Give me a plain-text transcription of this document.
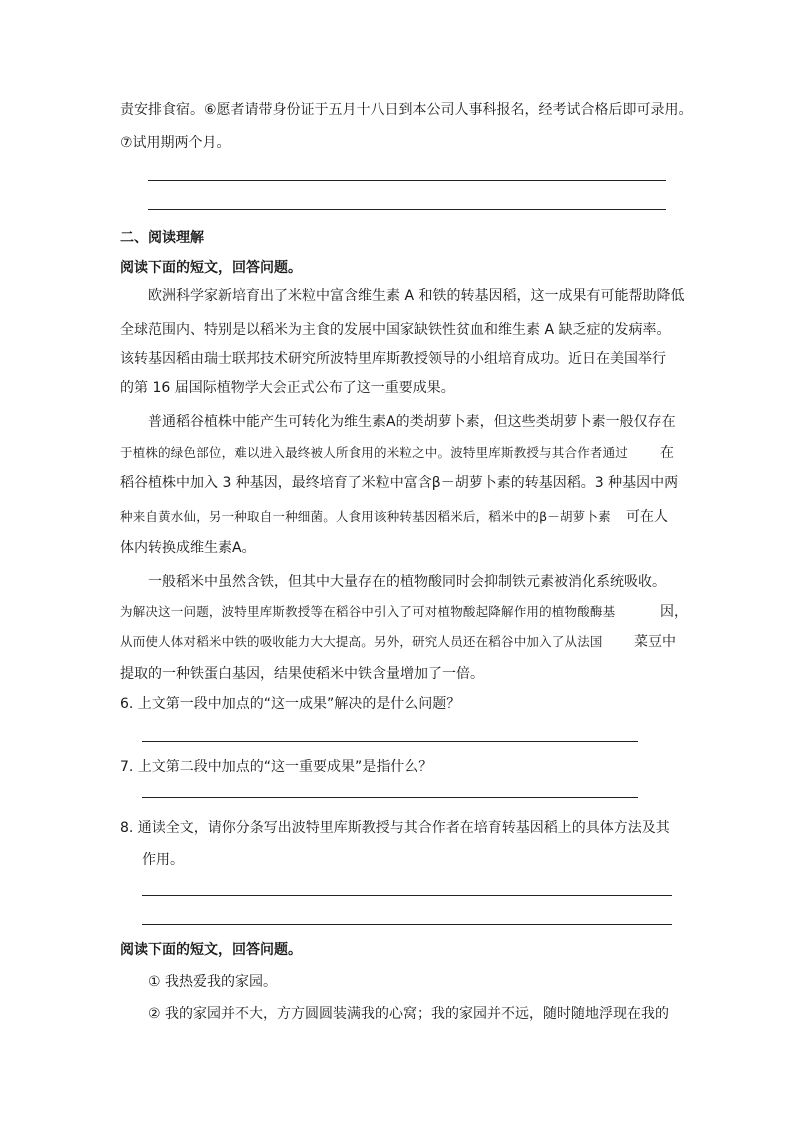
责安排食宿。⑥愿者请带身份证于五月十八日到本公司人事科报名，经考试合格后即可录用。
⑦试用期两个月。
二、阅读理解
阅读下面的短文，回答问题。
欧洲科学家新培育出了米粒中富含维生素 A 和铁的转基因稻，这一成果有可能帮助降低
全球范围内、特别是以稻米为主食的发展中国家缺铁性贫血和维生素 A 缺乏症的发病率。
该转基因稻由瑞士联邦技术研究所波特里库斯教授领导的小组培育成功。近日在美国举行
的第 16 届国际植物学大会正式公布了这一重要成果。
普通稻谷植株中能产生可转化为维生素A的类胡萝卜素，但这些类胡萝卜素一般仅存在
于植株的绿色部位，难以进入最终被人所食用的米粒之中。波特里库斯教授与其合作者通过 在
稻谷植株中加入 3 种基因，最终培育了米粒中富含β－胡萝卜素的转基因稻。3 种基因中两
种来自黄水仙，另一种取自一种细菌。人食用该种转基因稻米后，稻米中的β－胡萝卜素 可在人
体内转换成维生素A。
一般稻米中虽然含铁，但其中大量存在的植物酸同时会抑制铁元素被消化系统吸收。
为解决这一问题，波特里库斯教授等在稻谷中引入了可对植物酸起降解作用的植物酸酶基	因，
从而使人体对稻米中铁的吸收能力大大提高。另外，研究人员还在稻谷中加入了从法国 菜豆中
提取的一种铁蛋白基因，结果使稻米中铁含量增加了一倍。
6. 上文第一段中加点的“这一成果”解决的是什么问题？
7. 上文第二段中加点的“这一重要成果”是指什么？
8. 通读全文，请你分条写出波特里库斯教授与其合作者在培育转基因稻上的具体方法及其
作用。
阅读下面的短文，回答问题。
① 我热爱我的家园。
② 我的家园并不大，方方圆圆装满我的心窝；我的家园并不远，随时随地浮现在我的
